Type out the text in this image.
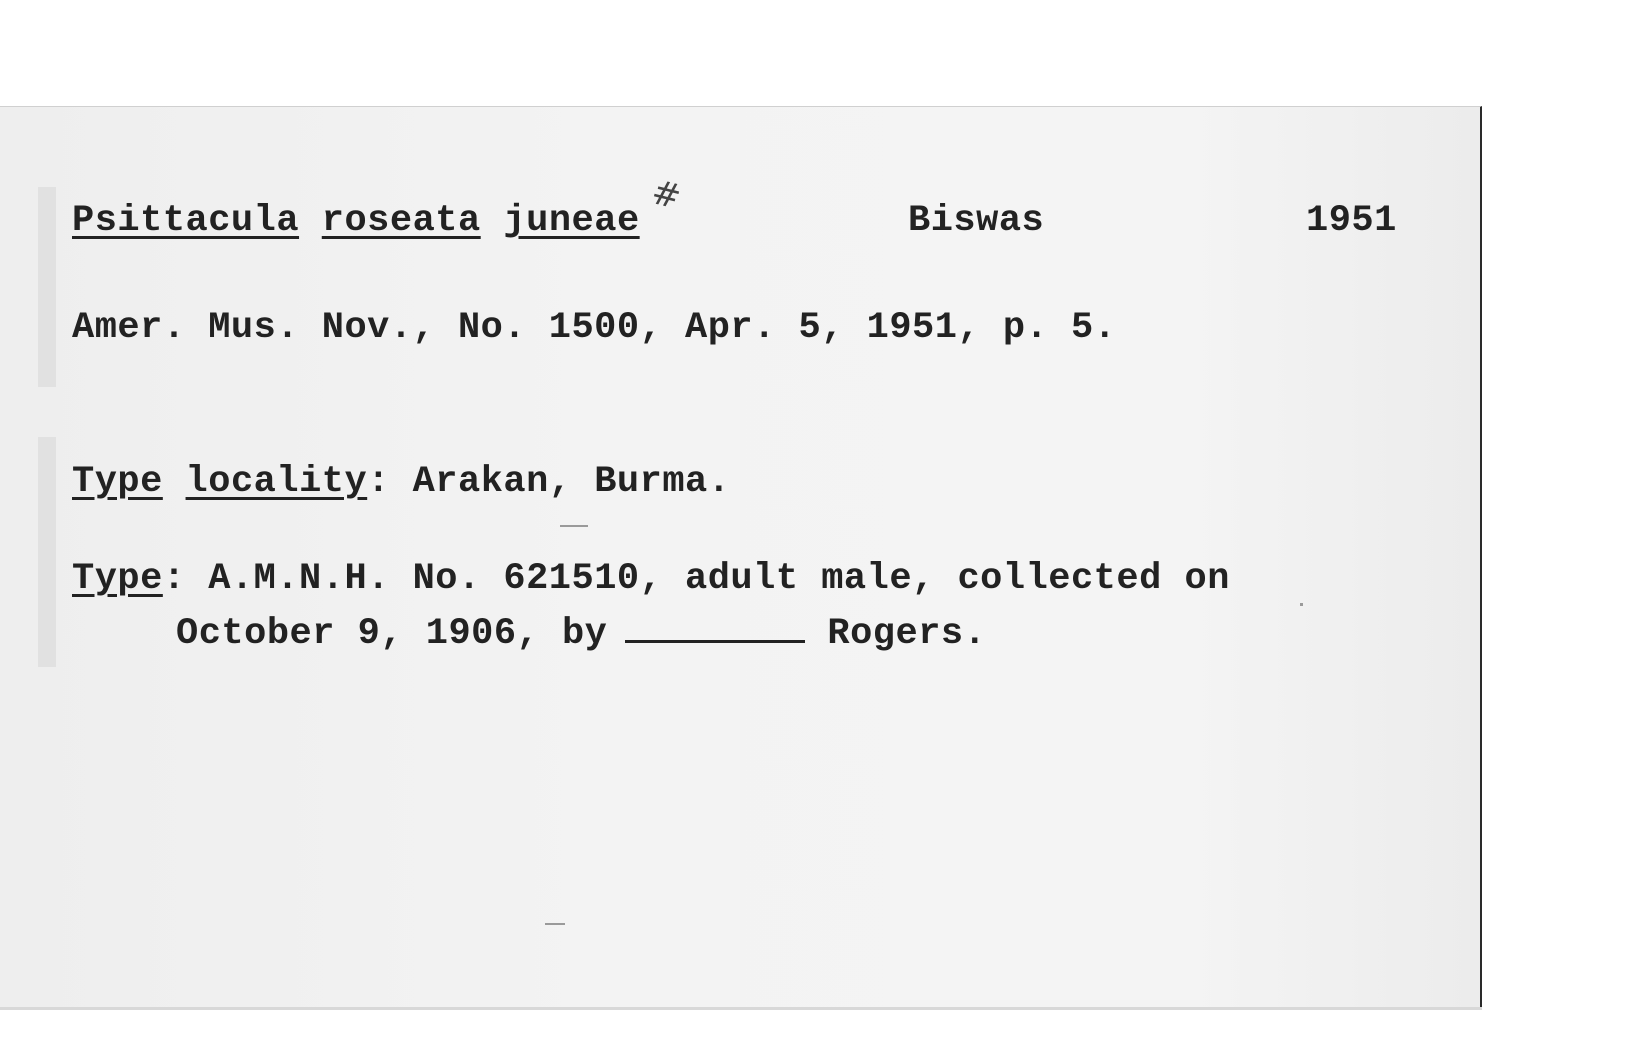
#
Psittacula roseata juneae	Biswas	1951
Amer. Mus. Nov., No. 1500, Apr. 5, 1951, p. 5.
Type locality: Arakan, Burma.
Type: A.M.N.H. No. 621510, adult male, collected on
October 9, 1906, by	Rogers.
